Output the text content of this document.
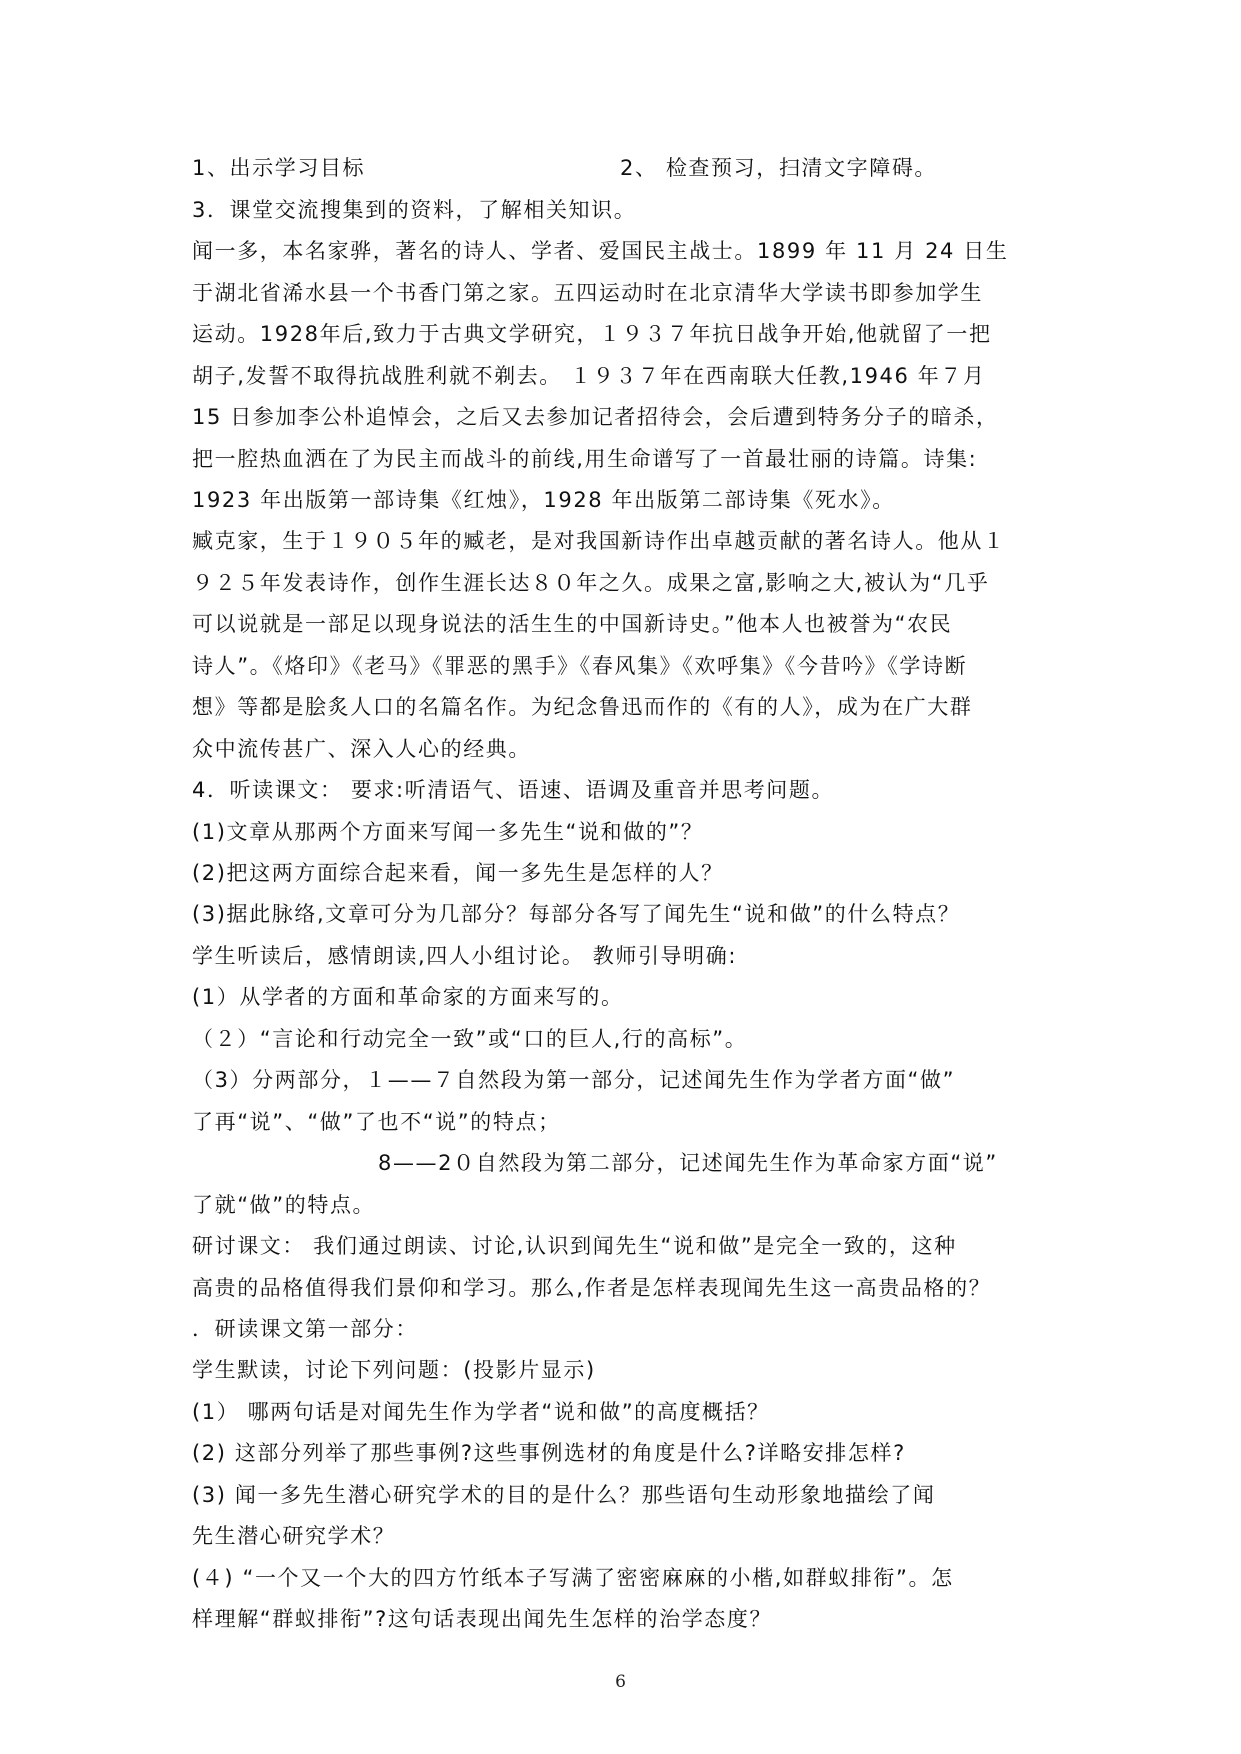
1、出示学习目标	2、 检查预习，扫清文字障碍。
3．课堂交流搜集到的资料，了解相关知识。
闻一多，本名家骅，著名的诗人、学者、爱国民主战士。1899 年 11 月 24 日生
于湖北省浠水县一个书香门第之家。五四运动时在北京清华大学读书即参加学生
运动。1928年后,致力于古典文学研究，１９３７年抗日战争开始,他就留了一把
胡子,发誓不取得抗战胜利就不剃去。 １９３７年在西南联大任教,1946 年７月
15 日参加李公朴追悼会，之后又去参加记者招待会，会后遭到特务分子的暗杀，
把一腔热血洒在了为民主而战斗的前线,用生命谱写了一首最壮丽的诗篇。诗集:
1923 年出版第一部诗集《红烛》，1928 年出版第二部诗集《死水》。
臧克家，生于１９０５年的臧老，是对我国新诗作出卓越贡献的著名诗人。他从１
９２５年发表诗作，创作生涯长达８０年之久。成果之富,影响之大,被认为“几乎
可以说就是一部足以现身说法的活生生的中国新诗史。”他本人也被誉为“农民
诗人”。《烙印》《老马》《罪恶的黑手》《春风集》《欢呼集》《今昔吟》《学诗断
想》等都是脍炙人口的名篇名作。为纪念鲁迅而作的《有的人》，成为在广大群
众中流传甚广、深入人心的经典。
4．听读课文： 要求:听清语气、语速、语调及重音并思考问题。
(1)文章从那两个方面来写闻一多先生“说和做的”？
(2)把这两方面综合起来看，闻一多先生是怎样的人？
(3)据此脉络,文章可分为几部分？每部分各写了闻先生“说和做”的什么特点？
学生听读后，感情朗读,四人小组讨论。 教师引导明确:
(1）从学者的方面和革命家的方面来写的。
（２）“言论和行动完全一致”或“口的巨人,行的高标”。
（3）分两部分，１——７自然段为第一部分，记述闻先生作为学者方面“做”
了再“说”、“做”了也不“说”的特点；
8——2０自然段为第二部分，记述闻先生作为革命家方面“说”
了就“做”的特点。
研讨课文： 我们通过朗读、讨论,认识到闻先生“说和做”是完全一致的，这种
高贵的品格值得我们景仰和学习。那么,作者是怎样表现闻先生这一高贵品格的？
．研读课文第一部分：
学生默读，讨论下列问题：(投影片显示)
(1） 哪两句话是对闻先生作为学者“说和做”的高度概括？
(2) 这部分列举了那些事例?这些事例选材的角度是什么?详略安排怎样?
(3) 闻一多先生潜心研究学术的目的是什么？那些语句生动形象地描绘了闻
先生潜心研究学术？
(４) “一个又一个大的四方竹纸本子写满了密密麻麻的小楷,如群蚁排衔”。怎
样理解“群蚁排衔”?这句话表现出闻先生怎样的治学态度？
6
